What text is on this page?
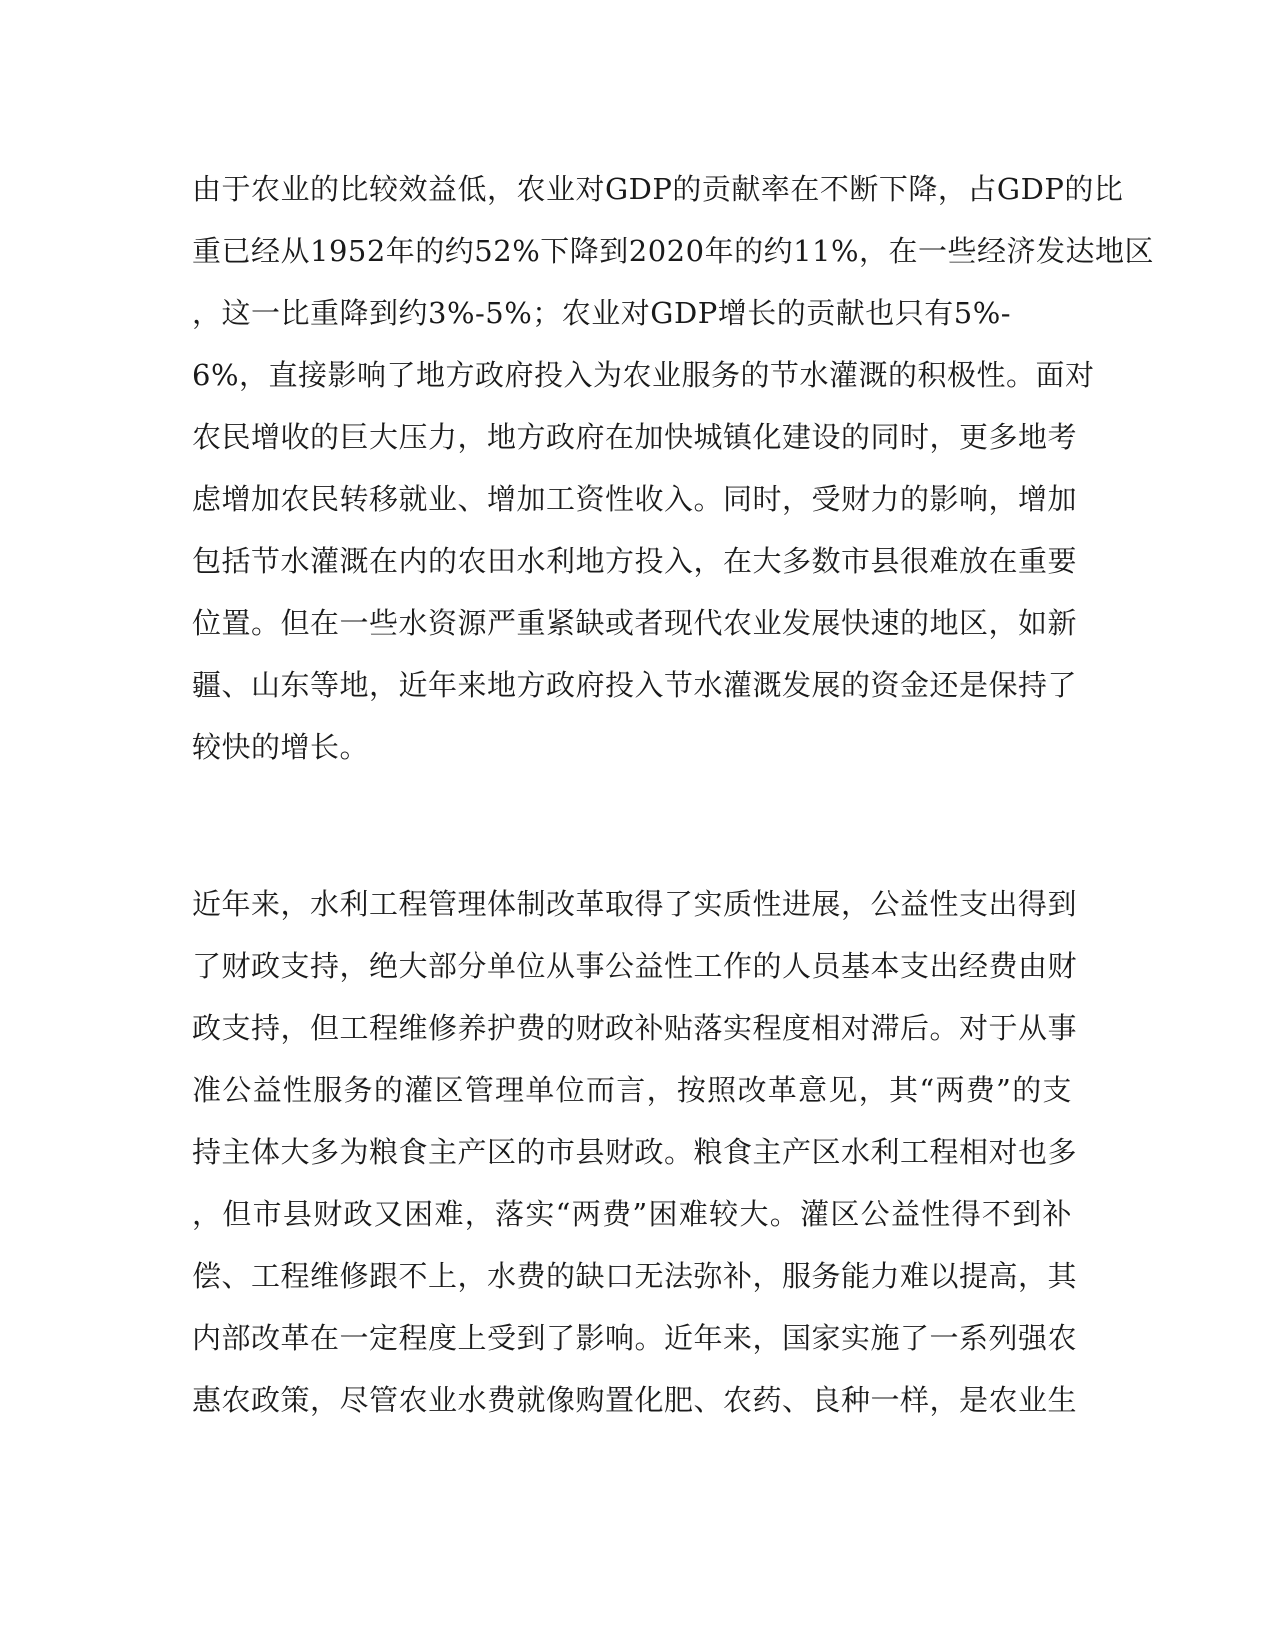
由于农业的比较效益低，农业对GDP的贡献率在不断下降，占GDP的比
重已经从1952年的约52%下降到2020年的约11%，在一些经济发达地区
，这一比重降到约3%-5%；农业对GDP增长的贡献也只有5%-
6%，直接影响了地方政府投入为农业服务的节水灌溉的积极性。面对
农民增收的巨大压力，地方政府在加快城镇化建设的同时，更多地考
虑增加农民转移就业、增加工资性收入。同时，受财力的影响，增加
包括节水灌溉在内的农田水利地方投入，在大多数市县很难放在重要
位置。但在一些水资源严重紧缺或者现代农业发展快速的地区，如新
疆、山东等地，近年来地方政府投入节水灌溉发展的资金还是保持了
较快的增长。

近年来，水利工程管理体制改革取得了实质性进展，公益性支出得到
了财政支持，绝大部分单位从事公益性工作的人员基本支出经费由财
政支持，但工程维修养护费的财政补贴落实程度相对滞后。对于从事
准公益性服务的灌区管理单位而言，按照改革意见，其“两费”的支
持主体大多为粮食主产区的市县财政。粮食主产区水利工程相对也多
，但市县财政又困难，落实“两费”困难较大。灌区公益性得不到补
偿、工程维修跟不上，水费的缺口无法弥补，服务能力难以提高，其
内部改革在一定程度上受到了影响。近年来，国家实施了一系列强农
惠农政策，尽管农业水费就像购置化肥、农药、良种一样，是农业生
